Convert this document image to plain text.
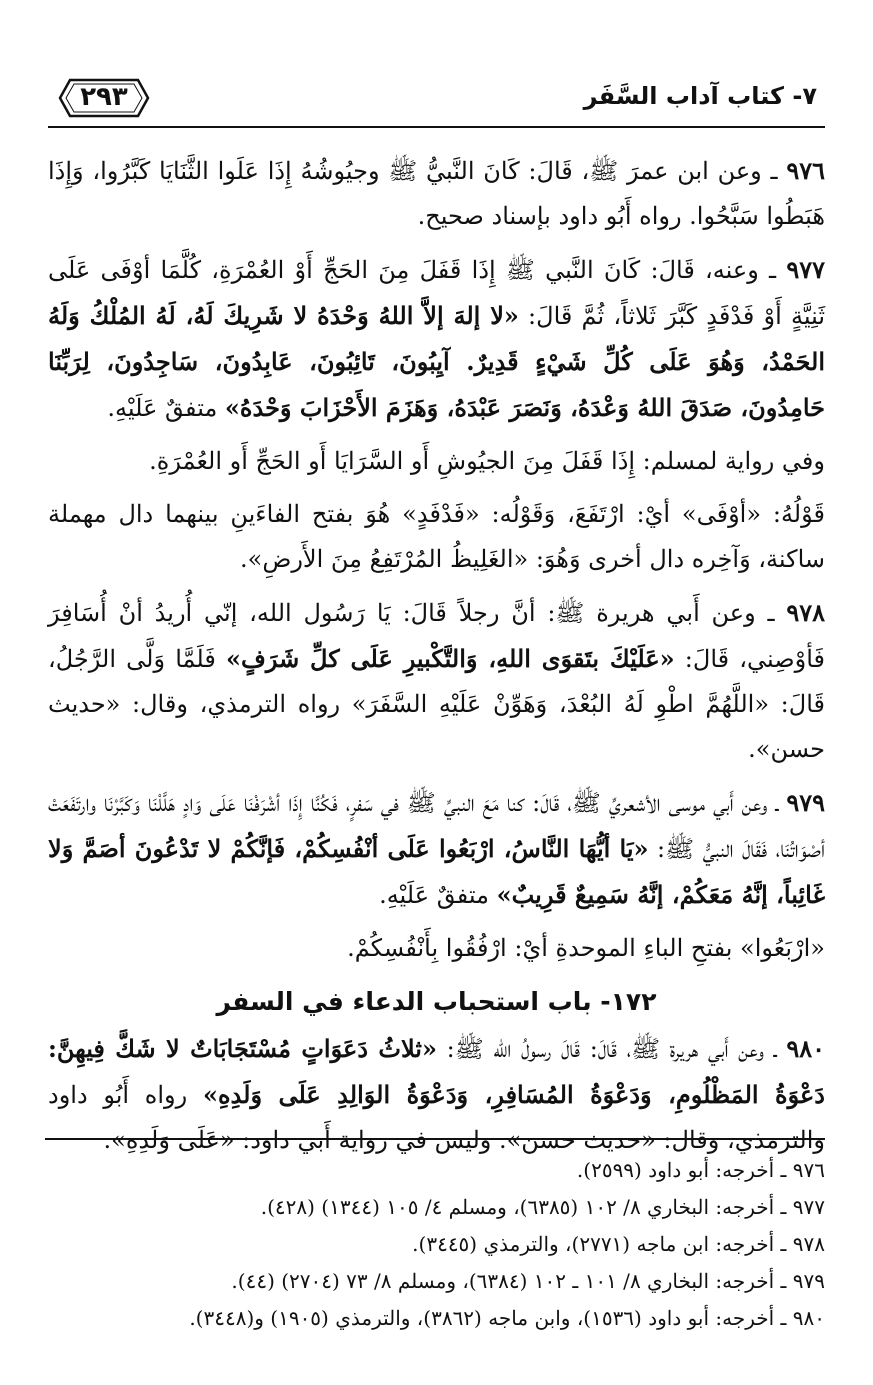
٧- كتاب آداب السَّفَر
٢٩٣

٩٧٦ ـ وعن ابن عمرَ ﷺ، قَالَ: كَانَ النَّبيُّ ﷺ وجيُوشُهُ إِذَا عَلَوا الثَّنَايَا كَبَّرُوا، وَإِذَا هَبَطُوا سَبَّحُوا. رواه أَبُو داود بإسناد صحيح.

٩٧٧ ـ وعنه، قَالَ: كَانَ النَّبي ﷺ إِذَا قَفَلَ مِنَ الحَجِّ أَوْ العُمْرَةِ، كُلَّمَا أوْفَى عَلَى ثَنِيَّةٍ أَوْ فَدْفَدٍ كَبَّرَ ثَلاثاً، ثُمَّ قَالَ: «لا إلهَ إلاَّ اللهُ وَحْدَهُ لا شَرِيكَ لَهُ، لَهُ المُلْكُ وَلَهُ الحَمْدُ، وَهُوَ عَلَى كُلِّ شَيْءٍ قَدِيرٌ. آيِبُونَ، تَائِبُونَ، عَابِدُونَ، سَاجِدُونَ، لِرَبِّنَا حَامِدُونَ، صَدَقَ اللهُ وَعْدَهُ، وَنَصَرَ عَبْدَهُ، وَهَزَمَ الأَحْزَابَ وَحْدَهُ» متفقٌ عَلَيْهِ.

وفي رواية لمسلم: إِذَا قَفَلَ مِنَ الجيُوشِ أَو السَّرَايَا أَو الحَجِّ أَو العُمْرَةِ.

قَوْلُهُ: «أوْفَى» أيْ: ارْتَفَعَ، وَقَوْلُه: «فَدْفَدٍ» هُوَ بفتح الفاءَينِ بينهما دال مهملة ساكنة، وَآخِره دال أخرى وَهُوَ: «الغَلِيظُ المُرْتَفِعُ مِنَ الأَرضِ».

٩٧٨ ـ وعن أَبي هريرة ﷺ: أنَّ رجلاً قَالَ: يَا رَسُول الله، إنّي أُريدُ أنْ أُسَافِرَ فَأوْصِني، قَالَ: «عَلَيْكَ بتَقوَى اللهِ، وَالتَّكْبيرِ عَلَى كلِّ شَرَفٍ» فَلَمَّا وَلَّى الرَّجُلُ، قَالَ: «اللَّهُمَّ اطْوِ لَهُ البُعْدَ، وَهَوِّنْ عَلَيْهِ السَّفَرَ» رواه الترمذي، وقال: «حديث حسن».

٩٧٩ ـ وعن أَبي موسى الأشعريِّ ﷺ، قَالَ: كنا مَعَ النبيِّ ﷺ في سَفرٍ، فَكُنَّا إِذَا أشْرَفْنَا عَلَى وَادٍ هَلَّلْنَا وَكَبَّرْنَا وارتَفَعَتْ أصْوَاتُنَا، فَقَالَ النبيُّ ﷺ: «يَا أيُّهَا النَّاسُ، ارْبَعُوا عَلَى أنْفُسِكُمْ، فَإنَّكُمْ لا تَدْعُونَ أصَمَّ وَلا غَائِباً، إنَّهُ مَعَكُمْ، إنَّهُ سَمِيعٌ قَرِيبٌ» متفقٌ عَلَيْهِ.

«ارْبَعُوا» بفتحِ الباءِ الموحدةِ أيْ: ارْفُقُوا بِأَنْفُسِكُمْ.

١٧٢- باب استحباب الدعاء في السفر

٩٨٠ ـ وعن أَبي هريرة ﷺ، قَالَ: قَالَ رسولُ الله ﷺ: «ثلاثُ دَعَوَاتٍ مُسْتَجَابَاتٌ لا شَكَّ فِيهِنَّ: دَعْوَةُ المَظْلُومِ، وَدَعْوَةُ المُسَافِرِ، وَدَعْوَةُ الوَالِدِ عَلَى وَلَدِهِ» رواه أَبُو داود والترمذي، وقال: «حديث حسن». وليس في رواية أَبي داود: «عَلَى وَلَدِهِ».

٩٧٦ ـ أخرجه: أبو داود (٢٥٩٩).
٩٧٧ ـ أخرجه: البخاري ٨/ ١٠٢ (٦٣٨٥)، ومسلم ٤/ ١٠٥ (١٣٤٤) (٤٢٨).
٩٧٨ ـ أخرجه: ابن ماجه (٢٧٧١)، والترمذي (٣٤٤٥).
٩٧٩ ـ أخرجه: البخاري ٨/ ١٠١ ـ ١٠٢ (٦٣٨٤)، ومسلم ٨/ ٧٣ (٢٧٠٤) (٤٤).
٩٨٠ ـ أخرجه: أبو داود (١٥٣٦)، وابن ماجه (٣٨٦٢)، والترمذي (١٩٠٥) و(٣٤٤٨).
